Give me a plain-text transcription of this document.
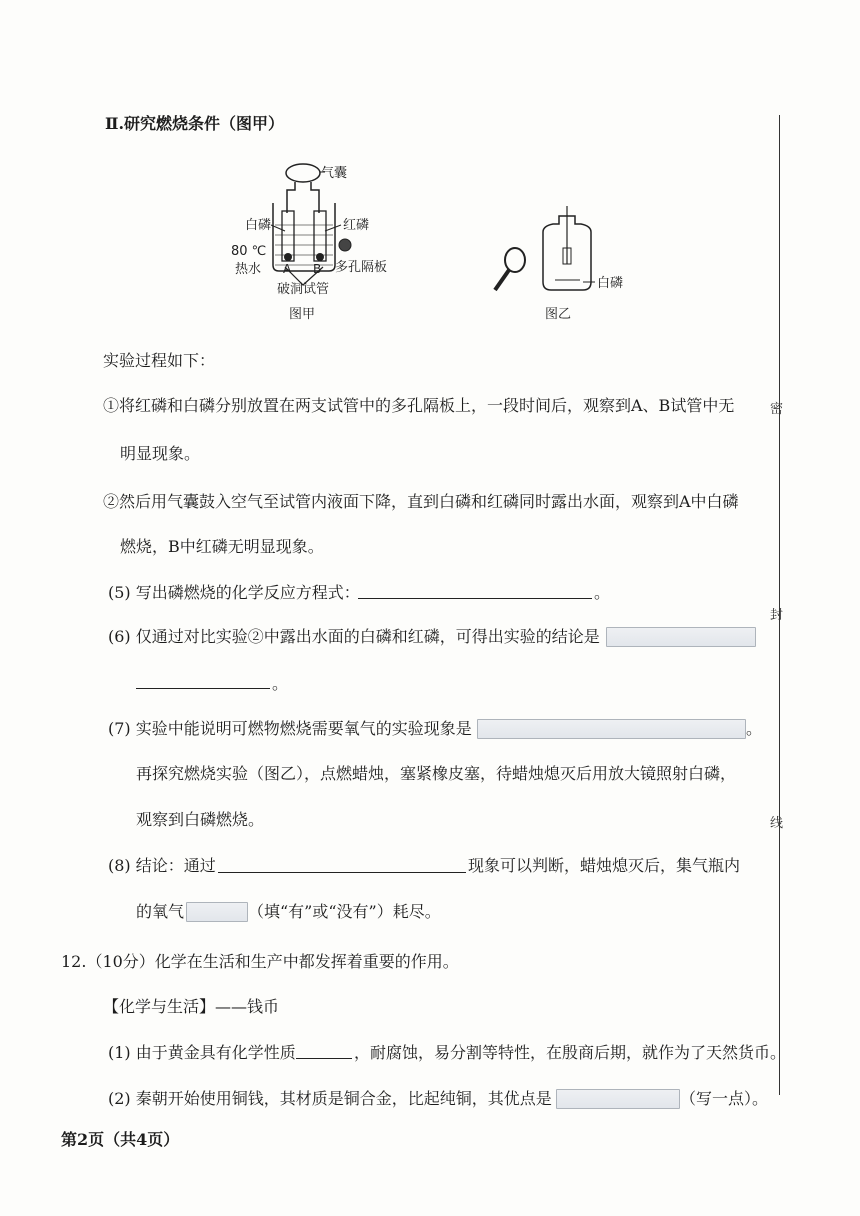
Ⅱ.研究燃烧条件（图甲）
气囊
白磷	红磷
80 ℃
热水 A B 多孔隔板
破洞试管
图甲
白磷
图乙
实验过程如下：
①将红磷和白磷分别放置在两支试管中的多孔隔板上，一段时间后，观察到A、B试管中无
明显现象。
②然后用气囊鼓入空气至试管内液面下降，直到白磷和红磷同时露出水面，观察到A中白磷
燃烧，B中红磷无明显现象。
(5) 写出磷燃烧的化学反应方程式：	。
(6) 仅通过对比实验②中露出水面的白磷和红磷，可得出实验的结论是
。
(7) 实验中能说明可燃物燃烧需要氧气的实验现象是	。
再探究燃烧实验（图乙），点燃蜡烛，塞紧橡皮塞，待蜡烛熄灭后用放大镜照射白磷，
观察到白磷燃烧。
(8) 结论：通过	现象可以判断，蜡烛熄灭后，集气瓶内
的氧气	（填“有”或“没有”）耗尽。
12.（10分）化学在生活和生产中都发挥着重要的作用。
【化学与生活】——钱币
(1) 由于黄金具有化学性质	，耐腐蚀，易分割等特性，在殷商后期，就作为了天然货币。
(2) 秦朝开始使用铜钱，其材质是铜合金，比起纯铜，其优点是	（写一点）。
第2页（共4页）
密
封
线
